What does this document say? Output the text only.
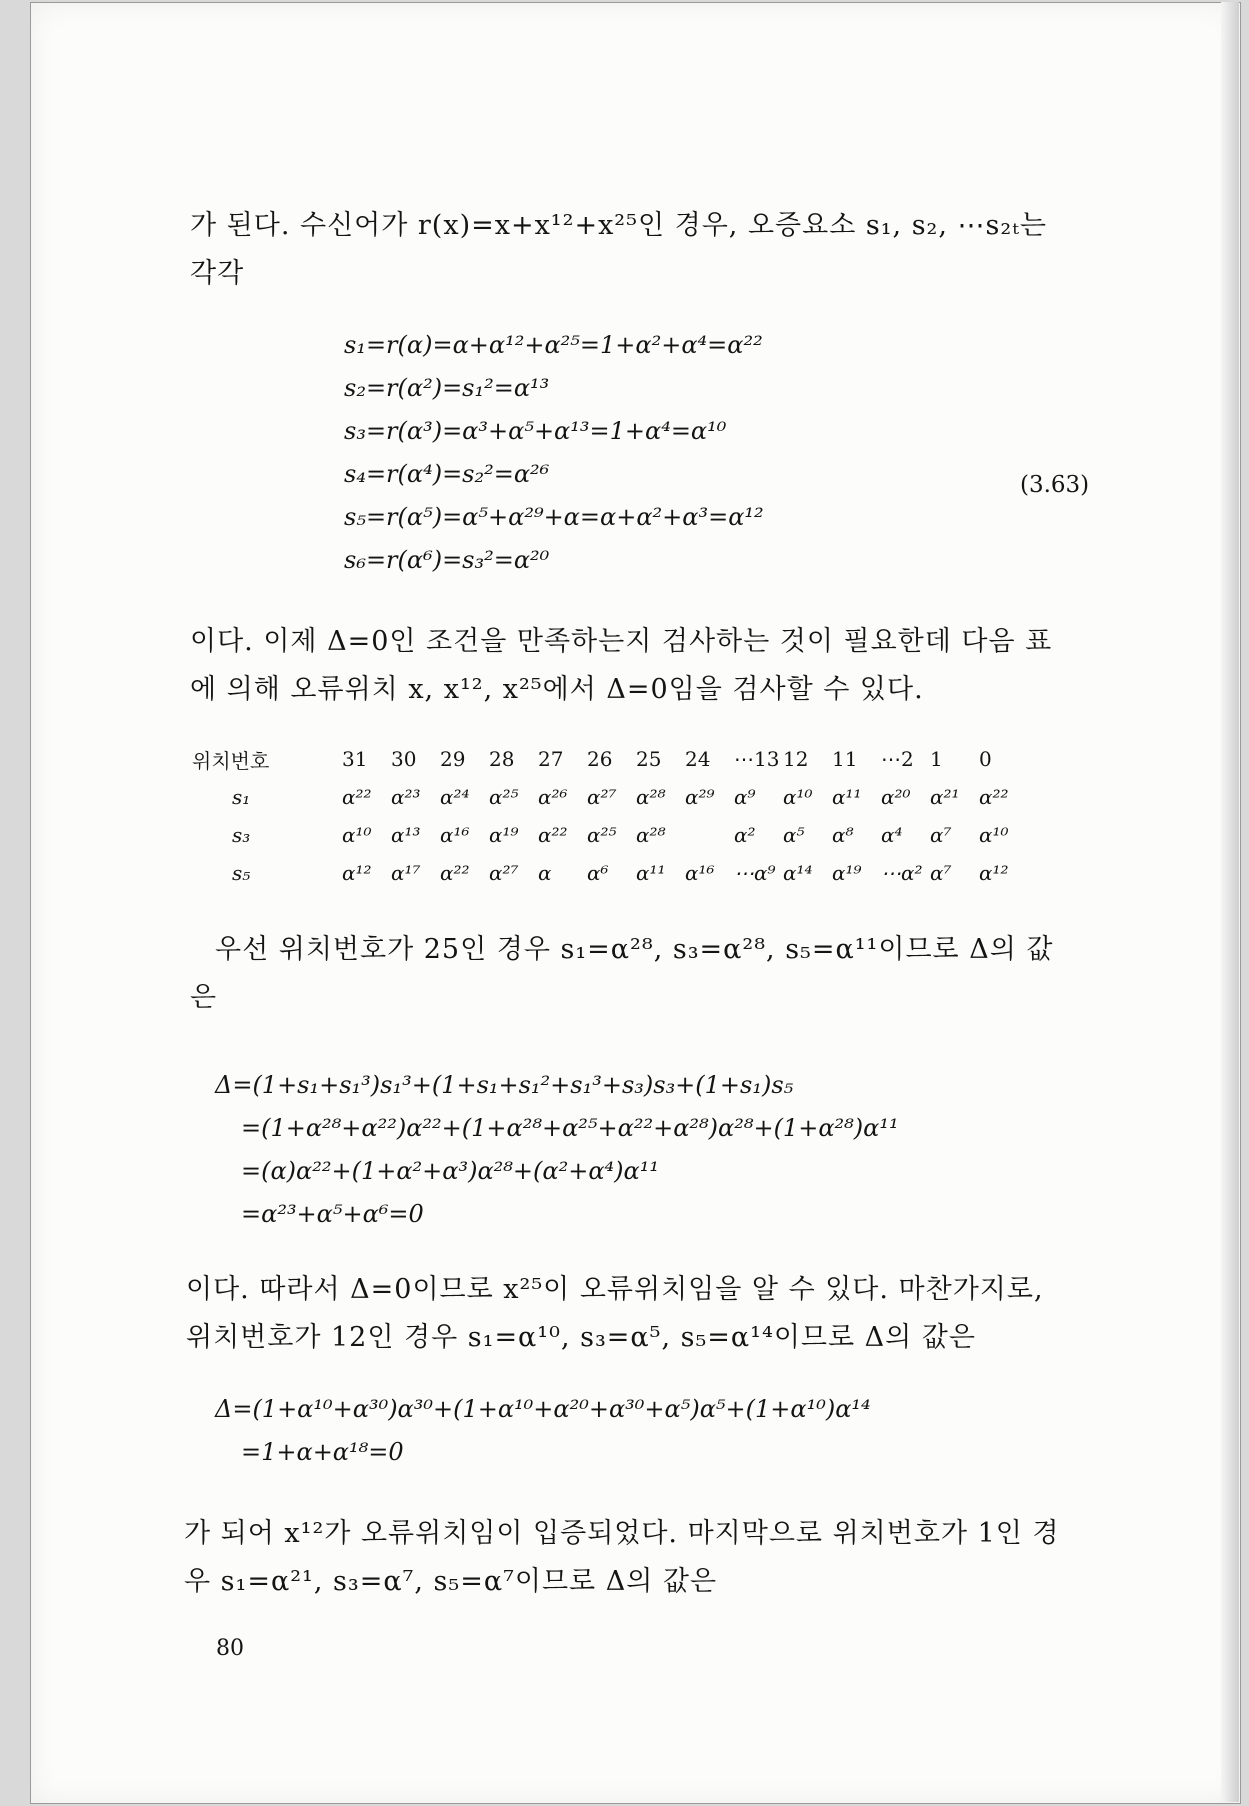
가 된다. 수신어가 r(x)=x+x¹²+x²⁵인 경우, 오증요소 s₁, s₂, ⋯s₂ₜ는
각각
s₁=r(α)=α+α¹²+α²⁵=1+α²+α⁴=α²²
s₂=r(α²)=s₁²=α¹³
s₃=r(α³)=α³+α⁵+α¹³=1+α⁴=α¹⁰
s₄=r(α⁴)=s₂²=α²⁶
s₅=r(α⁵)=α⁵+α²⁹+α=α+α²+α³=α¹²
s₆=r(α⁶)=s₃²=α²⁰
(3.63)
이다. 이제 Δ=0인 조건을 만족하는지 검사하는 것이 필요한데 다음 표
에 의해 오류위치 x, x¹², x²⁵에서 Δ=0임을 검사할 수 있다.
위치번호	31	30	29	28	27	26	25	24	⋯13	12	11	⋯2	1	0
s₁	α²²	α²³	α²⁴	α²⁵	α²⁶	α²⁷	α²⁸	α²⁹	α⁹	α¹⁰	α¹¹	α²⁰	α²¹	α²²
s₃	α¹⁰	α¹³	α¹⁶	α¹⁹	α²²	α²⁵	α²⁸		α²	α⁵	α⁸	α⁴	α⁷	α¹⁰
s₅	α¹²	α¹⁷	α²²	α²⁷	α	α⁶	α¹¹	α¹⁶	⋯α⁹	α¹⁴	α¹⁹	⋯α²	α⁷	α¹²
우선 위치번호가 25인 경우 s₁=α²⁸, s₃=α²⁸, s₅=α¹¹이므로 Δ의 값
은
Δ=(1+s₁+s₁³)s₁³+(1+s₁+s₁²+s₁³+s₃)s₃+(1+s₁)s₅
=(1+α²⁸+α²²)α²²+(1+α²⁸+α²⁵+α²²+α²⁸)α²⁸+(1+α²⁸)α¹¹
=(α)α²²+(1+α²+α³)α²⁸+(α²+α⁴)α¹¹
=α²³+α⁵+α⁶=0
이다. 따라서 Δ=0이므로 x²⁵이 오류위치임을 알 수 있다. 마찬가지로,
위치번호가 12인 경우 s₁=α¹⁰, s₃=α⁵, s₅=α¹⁴이므로 Δ의 값은
Δ=(1+α¹⁰+α³⁰)α³⁰+(1+α¹⁰+α²⁰+α³⁰+α⁵)α⁵+(1+α¹⁰)α¹⁴
=1+α+α¹⁸=0
가 되어 x¹²가 오류위치임이 입증되었다. 마지막으로 위치번호가 1인 경
우 s₁=α²¹, s₃=α⁷, s₅=α⁷이므로 Δ의 값은
80
